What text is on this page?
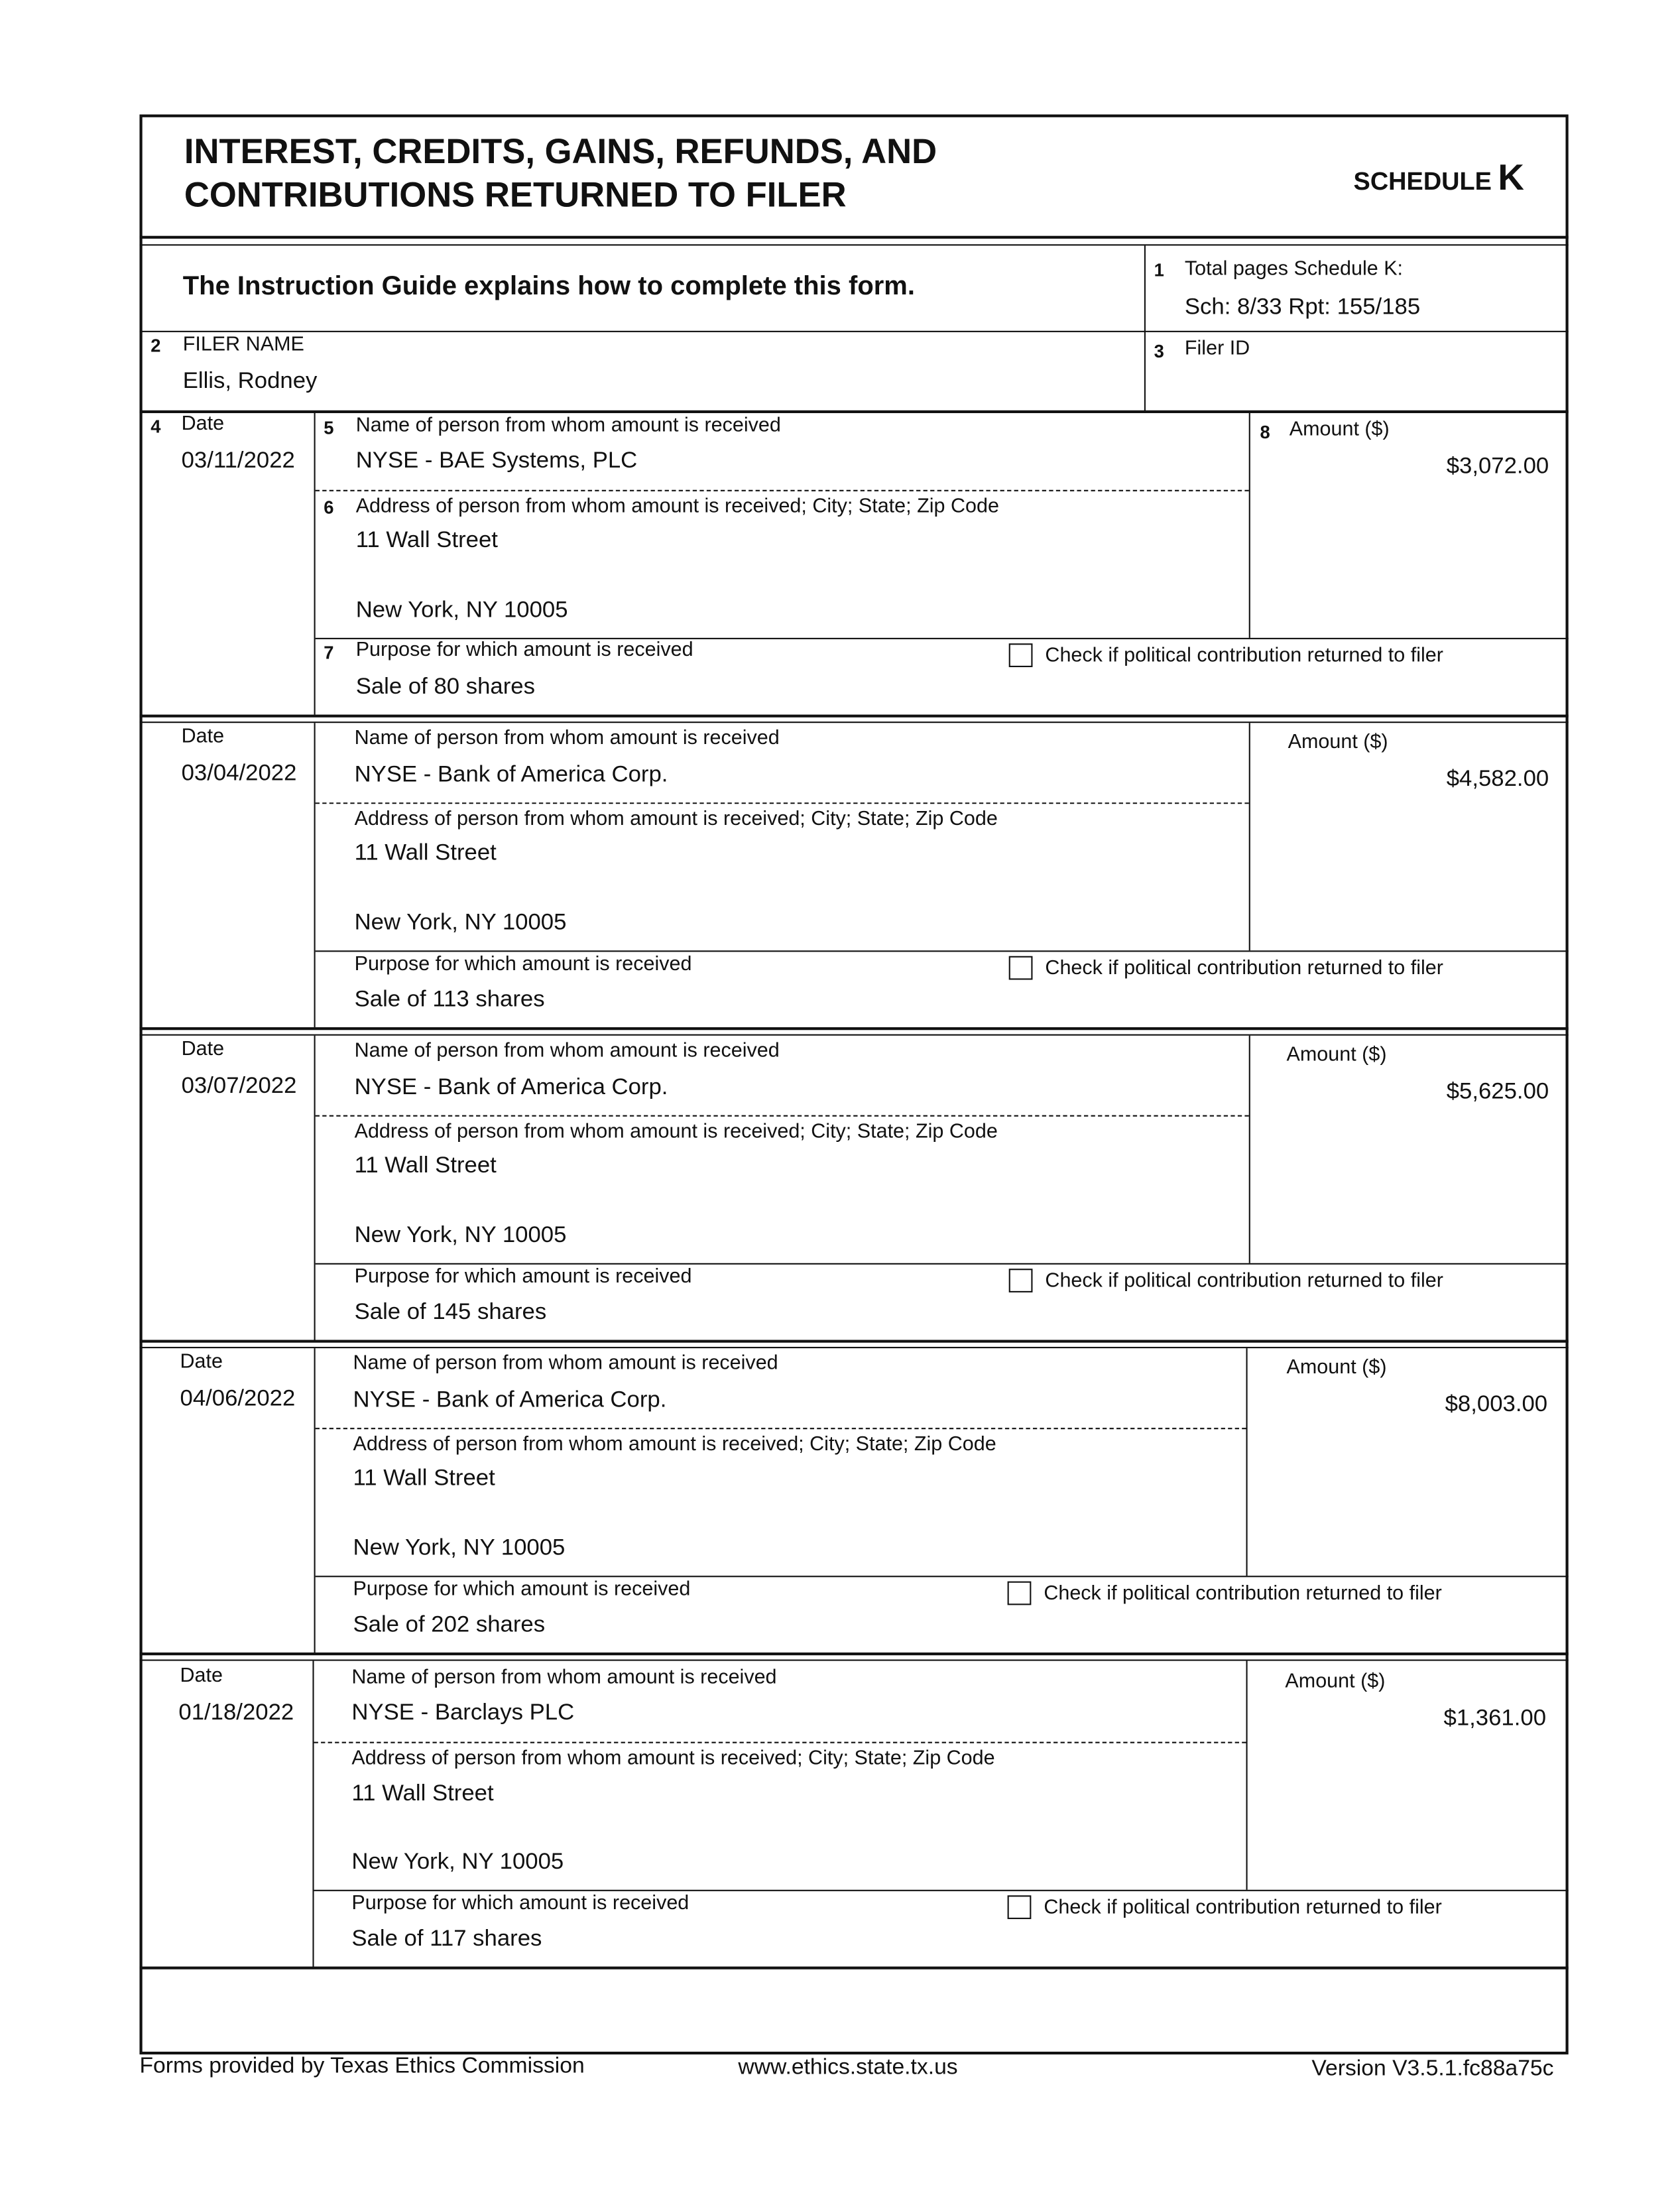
INTEREST, CREDITS, GAINS, REFUNDS, AND
CONTRIBUTIONS RETURNED TO FILER	SCHEDULE K
The Instruction Guide explains how to complete this form.
1 Total pages Schedule K:
Sch: 8/33 Rpt: 155/185
2 FILER NAME
Ellis, Rodney
3 Filer ID
4 Date
03/11/2022
5 Name of person from whom amount is received
NYSE - BAE Systems, PLC
6 Address of person from whom amount is received; City; State; Zip Code
11 Wall Street
New York, NY 10005
8 Amount ($)
$3,072.00
7 Purpose for which amount is received
Sale of 80 shares
Check if political contribution returned to filer
Date
03/04/2022
Name of person from whom amount is received
NYSE - Bank of America Corp.
Address of person from whom amount is received; City; State; Zip Code
11 Wall Street
New York, NY 10005
Amount ($)
$4,582.00
Purpose for which amount is received
Sale of 113 shares
Check if political contribution returned to filer
Date
03/07/2022
Name of person from whom amount is received
NYSE - Bank of America Corp.
Address of person from whom amount is received; City; State; Zip Code
11 Wall Street
New York, NY 10005
Amount ($)
$5,625.00
Purpose for which amount is received
Sale of 145 shares
Check if political contribution returned to filer
Date
04/06/2022
Name of person from whom amount is received
NYSE - Bank of America Corp.
Address of person from whom amount is received; City; State; Zip Code
11 Wall Street
New York, NY 10005
Amount ($)
$8,003.00
Purpose for which amount is received
Sale of 202 shares
Check if political contribution returned to filer
Date
01/18/2022
Name of person from whom amount is received
NYSE - Barclays PLC
Address of person from whom amount is received; City; State; Zip Code
11 Wall Street
New York, NY 10005
Amount ($)
$1,361.00
Purpose for which amount is received
Sale of 117 shares
Check if political contribution returned to filer
Forms provided by Texas Ethics Commission	www.ethics.state.tx.us	Version V3.5.1.fc88a75c
